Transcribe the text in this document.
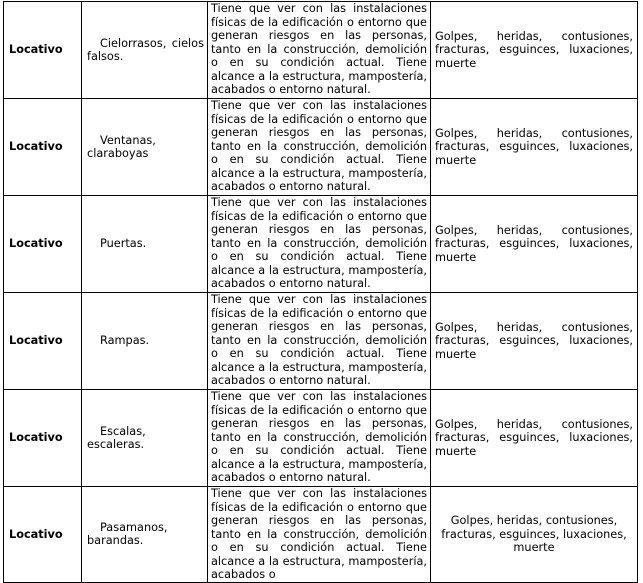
Locativo	Cielorrasos, cielos falsos.	Tiene que ver con las instalaciones físicas de la edificación o entorno que generan riesgos en las personas, tanto en la construcción, demolición o en su condición actual. Tiene alcance a la estructura, mampostería, acabados o entorno natural.	Golpes, heridas, contusiones, fracturas, esguinces, luxaciones, muerte

Locativo	Ventanas, claraboyas	Tiene que ver con las instalaciones físicas de la edificación o entorno que generan riesgos en las personas, tanto en la construcción, demolición o en su condición actual. Tiene alcance a la estructura, mampostería, acabados o entorno natural.	Golpes, heridas, contusiones, fracturas, esguinces, luxaciones, muerte

Locativo	Puertas.	Tiene que ver con las instalaciones físicas de la edificación o entorno que generan riesgos en las personas, tanto en la construcción, demolición o en su condición actual. Tiene alcance a la estructura, mampostería, acabados o entorno natural.	Golpes, heridas, contusiones, fracturas, esguinces, luxaciones, muerte

Locativo	Rampas.	Tiene que ver con las instalaciones físicas de la edificación o entorno que generan riesgos en las personas, tanto en la construcción, demolición o en su condición actual. Tiene alcance a la estructura, mampostería, acabados o entorno natural.	Golpes, heridas, contusiones, fracturas, esguinces, luxaciones, muerte

Locativo	Escalas, escaleras.	Tiene que ver con las instalaciones físicas de la edificación o entorno que generan riesgos en las personas, tanto en la construcción, demolición o en su condición actual. Tiene alcance a la estructura, mampostería, acabados o entorno natural.	Golpes, heridas, contusiones, fracturas, esguinces, luxaciones, muerte

Locativo	Pasamanos, barandas.	Tiene que ver con las instalaciones físicas de la edificación o entorno que generan riesgos en las personas, tanto en la construcción, demolición o en su condición actual. Tiene alcance a la estructura, mampostería, acabados o	Golpes, heridas, contusiones, fracturas, esguinces, luxaciones, muerte
